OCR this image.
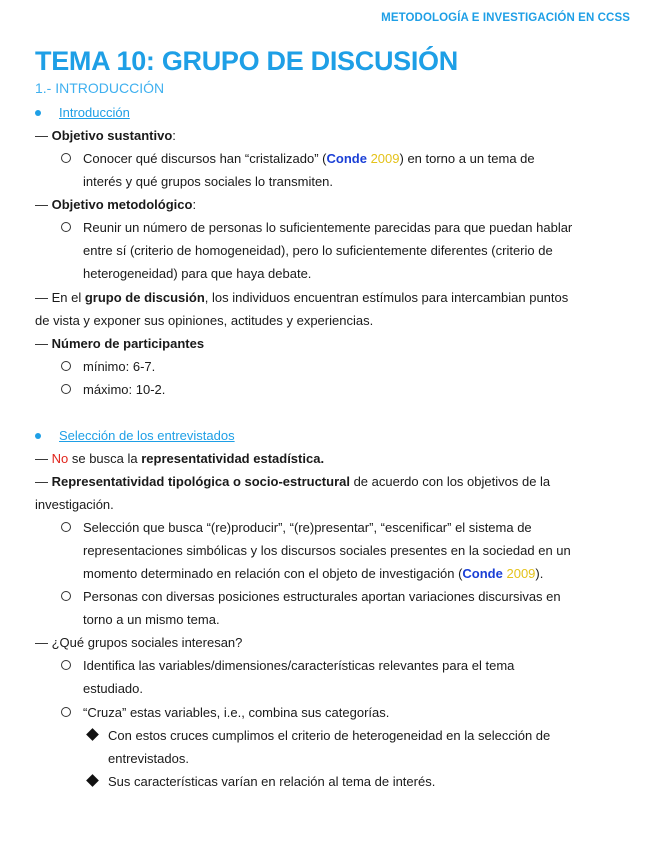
METODOLOGÍA E INVESTIGACIÓN EN CCSS
TEMA 10: GRUPO DE DISCUSIÓN
1.- INTRODUCCIÓN
Introducción
— Objetivo sustantivo:
Conocer qué discursos han “cristalizado” (Conde 2009) en torno a un tema de
interés y qué grupos sociales lo transmiten.
— Objetivo metodológico:
Reunir un número de personas lo suficientemente parecidas para que puedan hablar
entre sí (criterio de homogeneidad), pero lo suficientemente diferentes (criterio de
heterogeneidad) para que haya debate.
— En el grupo de discusión, los individuos encuentran estímulos para intercambian puntos
de vista y exponer sus opiniones, actitudes y experiencias.
— Número de participantes
mínimo: 6-7.
máximo: 10-2.
Selección de los entrevistados
— No se busca la representatividad estadística.
— Representatividad tipológica o socio-estructural de acuerdo con los objetivos de la
investigación.
Selección que busca “(re)producir”, “(re)presentar”, “escenificar” el sistema de
representaciones simbólicas y los discursos sociales presentes en la sociedad en un
momento determinado en relación con el objeto de investigación (Conde 2009).
Personas con diversas posiciones estructurales aportan variaciones discursivas en
torno a un mismo tema.
— ¿Qué grupos sociales interesan?
Identifica las variables/dimensiones/características relevantes para el tema
estudiado.
“Cruza” estas variables, i.e., combina sus categorías.
Con estos cruces cumplimos el criterio de heterogeneidad en la selección de
entrevistados.
Sus características varían en relación al tema de interés.
